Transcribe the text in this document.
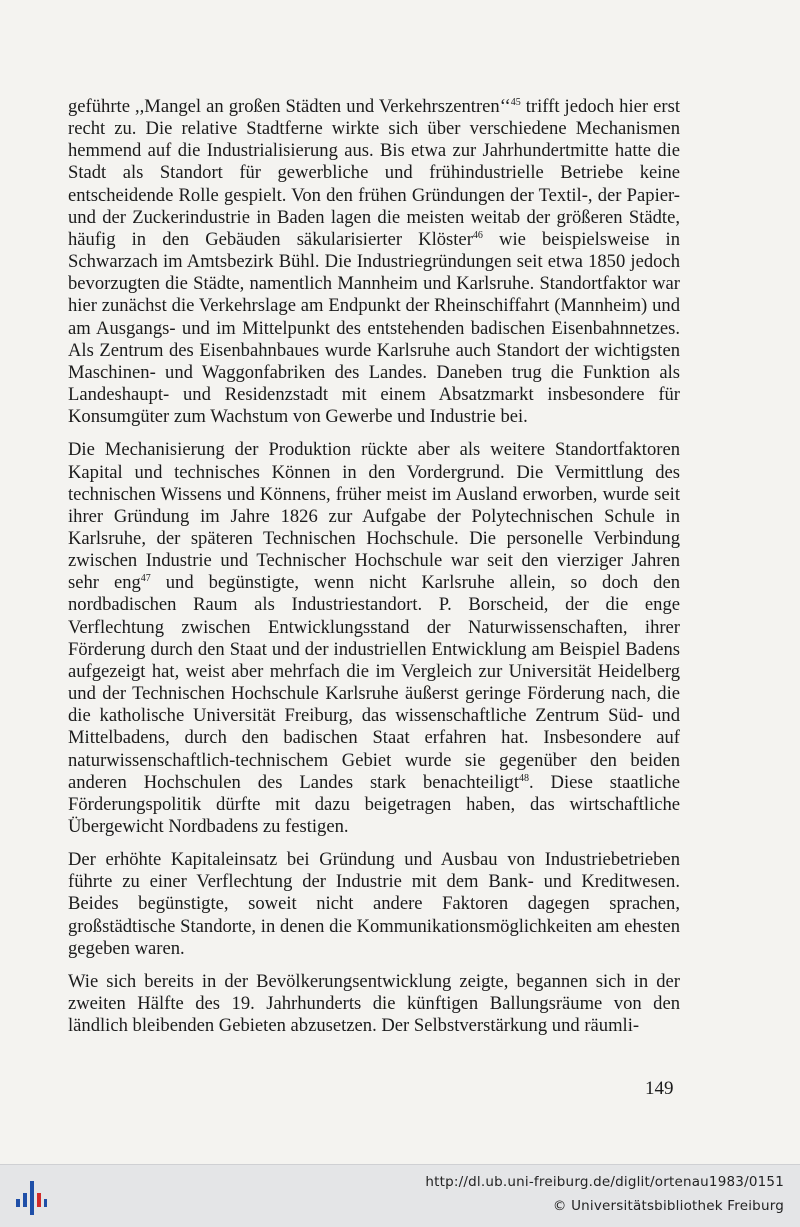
geführte ,,Mangel an großen Städten und Verkehrszentren‘‘$^{45}$ trifft jedoch hier erst recht zu. Die relative Stadtferne wirkte sich über verschiedene Mechanismen hemmend auf die Industrialisierung aus. Bis etwa zur Jahrhundertmitte hatte die Stadt als Standort für gewerbliche und frühindustrielle Betriebe keine entscheidende Rolle gespielt. Von den frühen Gründungen der Textil-, der Papier- und der Zuckerindustrie in Baden lagen die meisten weitab der größeren Städte, häufig in den Gebäuden säkularisierter Klöster$^{46}$ wie beispielsweise in Schwarzach im Amtsbezirk Bühl. Die Industriegründungen seit etwa 1850 jedoch bevorzugten die Städte, namentlich Mannheim und Karlsruhe. Standortfaktor war hier zunächst die Verkehrslage am Endpunkt der Rheinschiffahrt (Mannheim) und am Ausgangs- und im Mittelpunkt des entstehenden badischen Eisenbahnnetzes. Als Zentrum des Eisenbahnbaues wurde Karlsruhe auch Standort der wichtigsten Maschinen- und Waggonfabriken des Landes. Daneben trug die Funktion als Landeshaupt- und Residenzstadt mit einem Absatzmarkt insbesondere für Konsumgüter zum Wachstum von Gewerbe und Industrie bei.

Die Mechanisierung der Produktion rückte aber als weitere Standortfaktoren Kapital und technisches Können in den Vordergrund. Die Vermittlung des technischen Wissens und Könnens, früher meist im Ausland erworben, wurde seit ihrer Gründung im Jahre 1826 zur Aufgabe der Polytechnischen Schule in Karlsruhe, der späteren Technischen Hochschule. Die personelle Verbindung zwischen Industrie und Technischer Hochschule war seit den vierziger Jahren sehr eng$^{47}$ und begünstigte, wenn nicht Karlsruhe allein, so doch den nordbadischen Raum als Industriestandort. P. Borscheid, der die enge Verflechtung zwischen Entwicklungsstand der Naturwissenschaften, ihrer Förderung durch den Staat und der industriellen Entwicklung am Beispiel Badens aufgezeigt hat, weist aber mehrfach die im Vergleich zur Universität Heidelberg und der Technischen Hochschule Karlsruhe äußerst geringe Förderung nach, die die katholische Universität Freiburg, das wissenschaftliche Zentrum Süd- und Mittelbadens, durch den badischen Staat erfahren hat. Insbesondere auf naturwissenschaftlich-technischem Gebiet wurde sie gegenüber den beiden anderen Hochschulen des Landes stark benachteiligt$^{48}$. Diese staatliche Förderungspolitik dürfte mit dazu beigetragen haben, das wirtschaftliche Übergewicht Nordbadens zu festigen.

Der erhöhte Kapitaleinsatz bei Gründung und Ausbau von Industriebetrieben führte zu einer Verflechtung der Industrie mit dem Bank- und Kreditwesen. Beides begünstigte, soweit nicht andere Faktoren dagegen sprachen, großstädtische Standorte, in denen die Kommunikationsmöglichkeiten am ehesten gegeben waren.

Wie sich bereits in der Bevölkerungsentwicklung zeigte, begannen sich in der zweiten Hälfte des 19. Jahrhunderts die künftigen Ballungsräume von den ländlich bleibenden Gebieten abzusetzen. Der Selbstverstärkung und räumli-

149
http://dl.ub.uni-freiburg.de/diglit/ortenau1983/0151
© Universitätsbibliothek Freiburg
